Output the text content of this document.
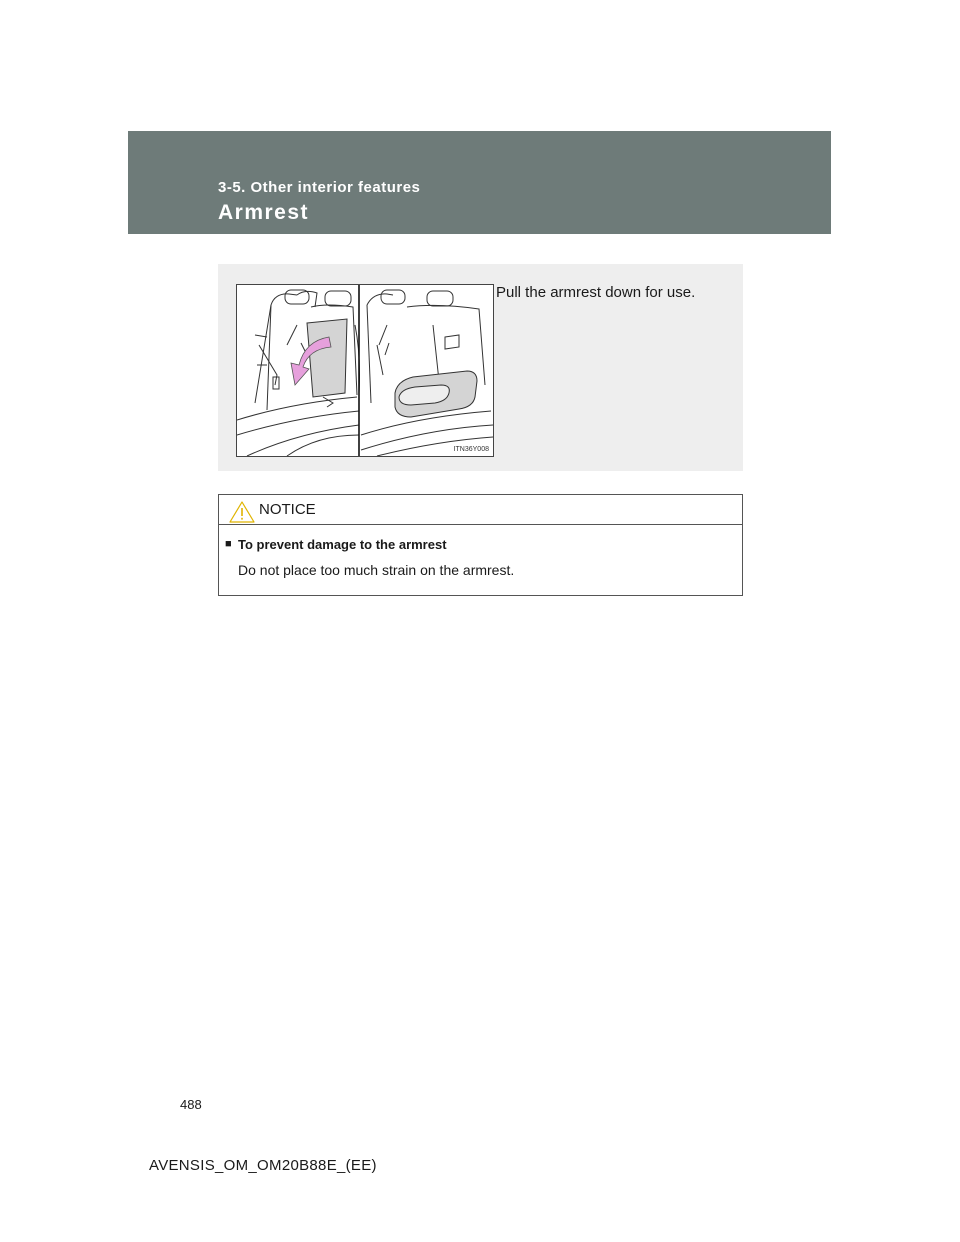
3-5. Other interior features
Armrest
ITN36Y008
Pull the armrest down for use.
NOTICE
■ To prevent damage to the armrest
Do not place too much strain on the armrest.
488
AVENSIS_OM_OM20B88E_(EE)
